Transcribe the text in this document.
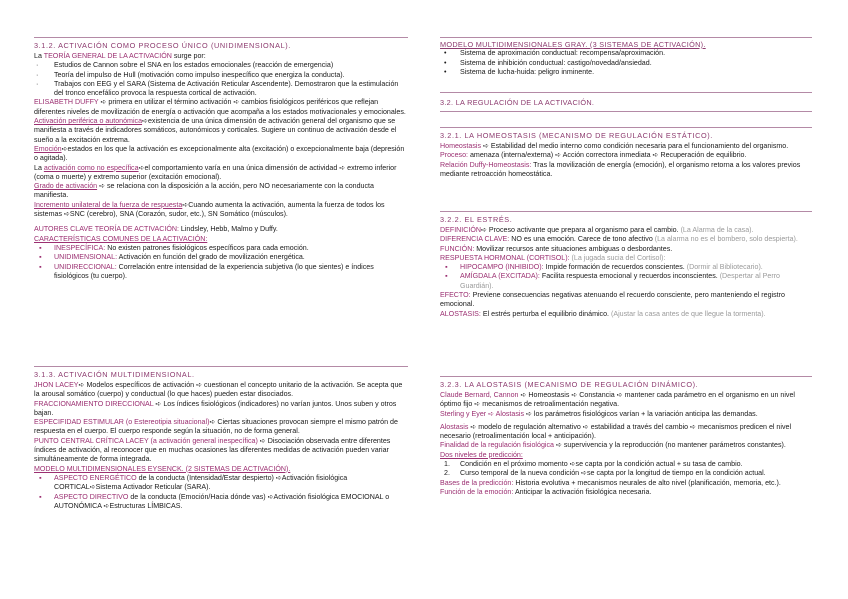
3.1.2. ACTIVACIÓN COMO PROCESO ÚNICO (UNIDIMENSIONAL).

La TEORÍA GENERAL DE LA ACTIVACIÓN surge por:

· Estudios de Cannon sobre el SNA en los estados emocionales (reacción de emergencia)

· Teoría del impulso de Hull (motivación como impulso inespecífico que energiza la conducta).

· Trabajos con EEG y el SARA (Sistema de Activación Reticular Ascendente). Demostraron que la estimulación del tronco encefálico provoca la respuesta cortical de activación.

ELISABETH DUFFY ➪ primera en utilizar el término activación ➪ cambios fisiológicos periféricos que reflejan diferentes niveles de movilización de energía o activación que acompaña a los estados motivacionales y emocionales.

Activación periférica o autonómica➪existencia de una única dimensión de activación general del organismo que se manifiesta a través de indicadores somáticos, autonómicos y corticales. Sugiere un continuo de activación desde el sueño a la excitación extrema.

Emoción➪estados en los que la activación es excepcionalmente alta (excitación) o excepcionalmente baja (depresión o agitada).

La activación como no específica➪el comportamiento varía en una única dimensión de actividad ➪ extremo inferior (coma o muerte) y extremo superior (excitación emocional).

Grado de activación ➪ se relaciona con la disposición a la acción, pero NO necesariamente con la conducta manifiesta.

Incremento unilateral de la fuerza de respuesta➪Cuando aumenta la activación, aumenta la fuerza de todos los sistemas ➪SNC (cerebro), SNA (Corazón, sudor, etc.), SN Somático (músculos).

AUTORES CLAVE TEORÍA DE ACTIVACIÓN: Lindsley, Hebb, Malmo y Duffy.

CARACTERÍSTICAS COMUNES DE LA ACTIVACIÓN:

▪ INESPECÍFICA: No existen patrones fisiológicos específicos para cada emoción.

▪ UNIDIMENSIONAL: Activación en función del grado de movilización energética.

▪ UNIDIRECCIONAL: Correlación entre intensidad de la experiencia subjetiva (lo que sientes) e índices fisiológicos (tu cuerpo).

3.1.3. ACTIVACIÓN MULTIDIMENSIONAL.

JHON LACEY➪ Modelos específicos de activación ➪ cuestionan el concepto unitario de la activación. Se acepta que la arousal somático (cuerpo) y conductual (lo que haces) pueden estar disociados.

FRACCIONAMIENTO DIRECCIONAL ➪ Los índices fisiológicos (indicadores) no varían juntos. Unos suben y otros bajan.

ESPECIFIDAD ESTIMULAR (o Estereotipia situacional)➪ Ciertas situaciones provocan siempre el mismo patrón de respuesta en el cuerpo. El cuerpo responde según la situación, no de forma general.

PUNTO CENTRAL CRÍTICA LACEY (a activación general inespecífica) ➪ Disociación observada entre diferentes índices de activación, al reconocer que en muchas ocasiones las diferentes medidas de activación pueden variar simultáneamente de forma integrada.

MODELO MULTIDIMENSIONALES EYSENCK. (2 SISTEMAS DE ACTIVACIÓN).

▪ ASPECTO ENERGÉTICO de la conducta (Intensidad/Estar despierto) ➪Activación fisiológica CORTICAL➪Sistema Activador Reticular (SARA).

▪ ASPECTO DIRECTIVO de la conducta (Emoción/Hacia dónde vas) ➪Activación fisiológica EMOCIONAL o AUTONÓMICA ➪Estructuras LÍMBICAS.

MODELO MULTIDIMENSIONALES GRAY. (3 SISTEMAS DE ACTIVACIÓN).

• Sistema de aproximación conductual: recompensa/aproximación.

• Sistema de inhibición conductual: castigo/novedad/ansiedad.

• Sistema de lucha-huida: peligro inminente.

3.2. LA REGULACIÓN DE LA ACTIVACIÓN.
3.2.1. LA HOMEOSTASIS (MECANISMO DE REGULACIÓN ESTÁTICO).

Homeostasis ➪ Estabilidad del medio interno como condición necesaria para el funcionamiento del organismo.

Proceso: amenaza (interna/externa) ➪ Acción correctora inmediata ➪ Recuperación de equilibrio.

Relación Duffy-Homeostasis: Tras la movilización de energía (emoción), el organismo retorna a los valores previos mediante retroacción homeostática.

3.2.2. EL ESTRÉS.

DEFINICIÓN➪ Proceso activante que prepara al organismo para el cambio. (La Alarma de la casa).

DIFERENCIA CLAVE: NO es una emoción. Carece de tono afectivo (La alarma no es el bombero, solo despierta).

FUNCIÓN: Movilizar recursos ante situaciones ambiguas o desbordantes.

RESPUESTA HORMONAL (CORTISOL): (La jugada sucia del Cortisol):

▪ HIPOCAMPO (INHIBIDO): Impide formación de recuerdos conscientes. (Dormir al Bibliotecario).

▪ AMÍGDALA (EXCITADA): Facilita respuesta emocional y recuerdos inconscientes. (Despertar al Perro Guardián).

EFECTO: Previene consecuencias negativas atenuando el recuerdo consciente, pero manteniendo el registro emocional.

ALOSTASIS: El estrés perturba el equilibrio dinámico. (Ajustar la casa antes de que llegue la tormenta).

3.2.3. LA ALOSTASIS (MECANISMO DE REGULACIÓN DINÁMICO).

Claude Bernard, Cannon ➪ Homeostasis ➪ Constancia ➪ mantener cada parámetro en el organismo en un nivel óptimo fijo ➪ mecanismos de retroalimentación negativa.

Sterling y Eyer ➪ Alostasis ➪ los parámetros fisiológicos varían + la variación anticipa las demandas.

Alostasis ➪ modelo de regulación alternativo ➪ estabilidad a través del cambio ➪ mecanismos predicen el nivel necesario (retroalimentación local + anticipación).

Finalidad de la regulación fisiológica ➪ supervivencia y la reproducción (no mantener parámetros constantes).

Dos niveles de predicción:

1. Condición en el próximo momento ➪se capta por la condición actual + su tasa de cambio.

2. Curso temporal de la nueva condición ➪se capta por la longitud de tiempo en la condición actual.

Bases de la predicción: Historia evolutiva + mecanismos neurales de alto nivel (planificación, memoria, etc.).

Función de la emoción: Anticipar la activación fisiológica necesaria.
